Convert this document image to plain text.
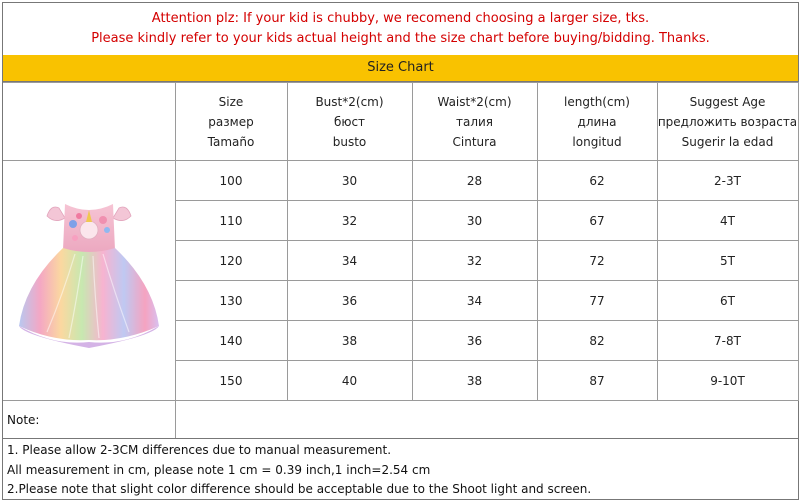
Attention plz: If your kid is chubby, we recomend choosing a larger size, tks.
Please kindly refer to your kids actual height and the size chart before buying/bidding. Thanks.
Size Chart

	Size
размер
Tamaño	Bust*2(cm)
бюст
busto	Waist*2(cm)
талия
Cintura	length(cm)
длина
longitud	Suggest Age
предложить возраста
Sugerir la edad

	100	30	28	62	2-3T
	110	32	30	67	4T
	120	34	32	72	5T
	130	36	34	77	6T
	140	38	36	82	7-8T
	150	40	38	87	9-10T
Note:
1. Please allow 2-3CM differences due to manual measurement.
All measurement in cm, please note 1 cm = 0.39 inch,1 inch=2.54 cm
2.Please note that slight color difference should be acceptable due to the Shoot light and screen.
